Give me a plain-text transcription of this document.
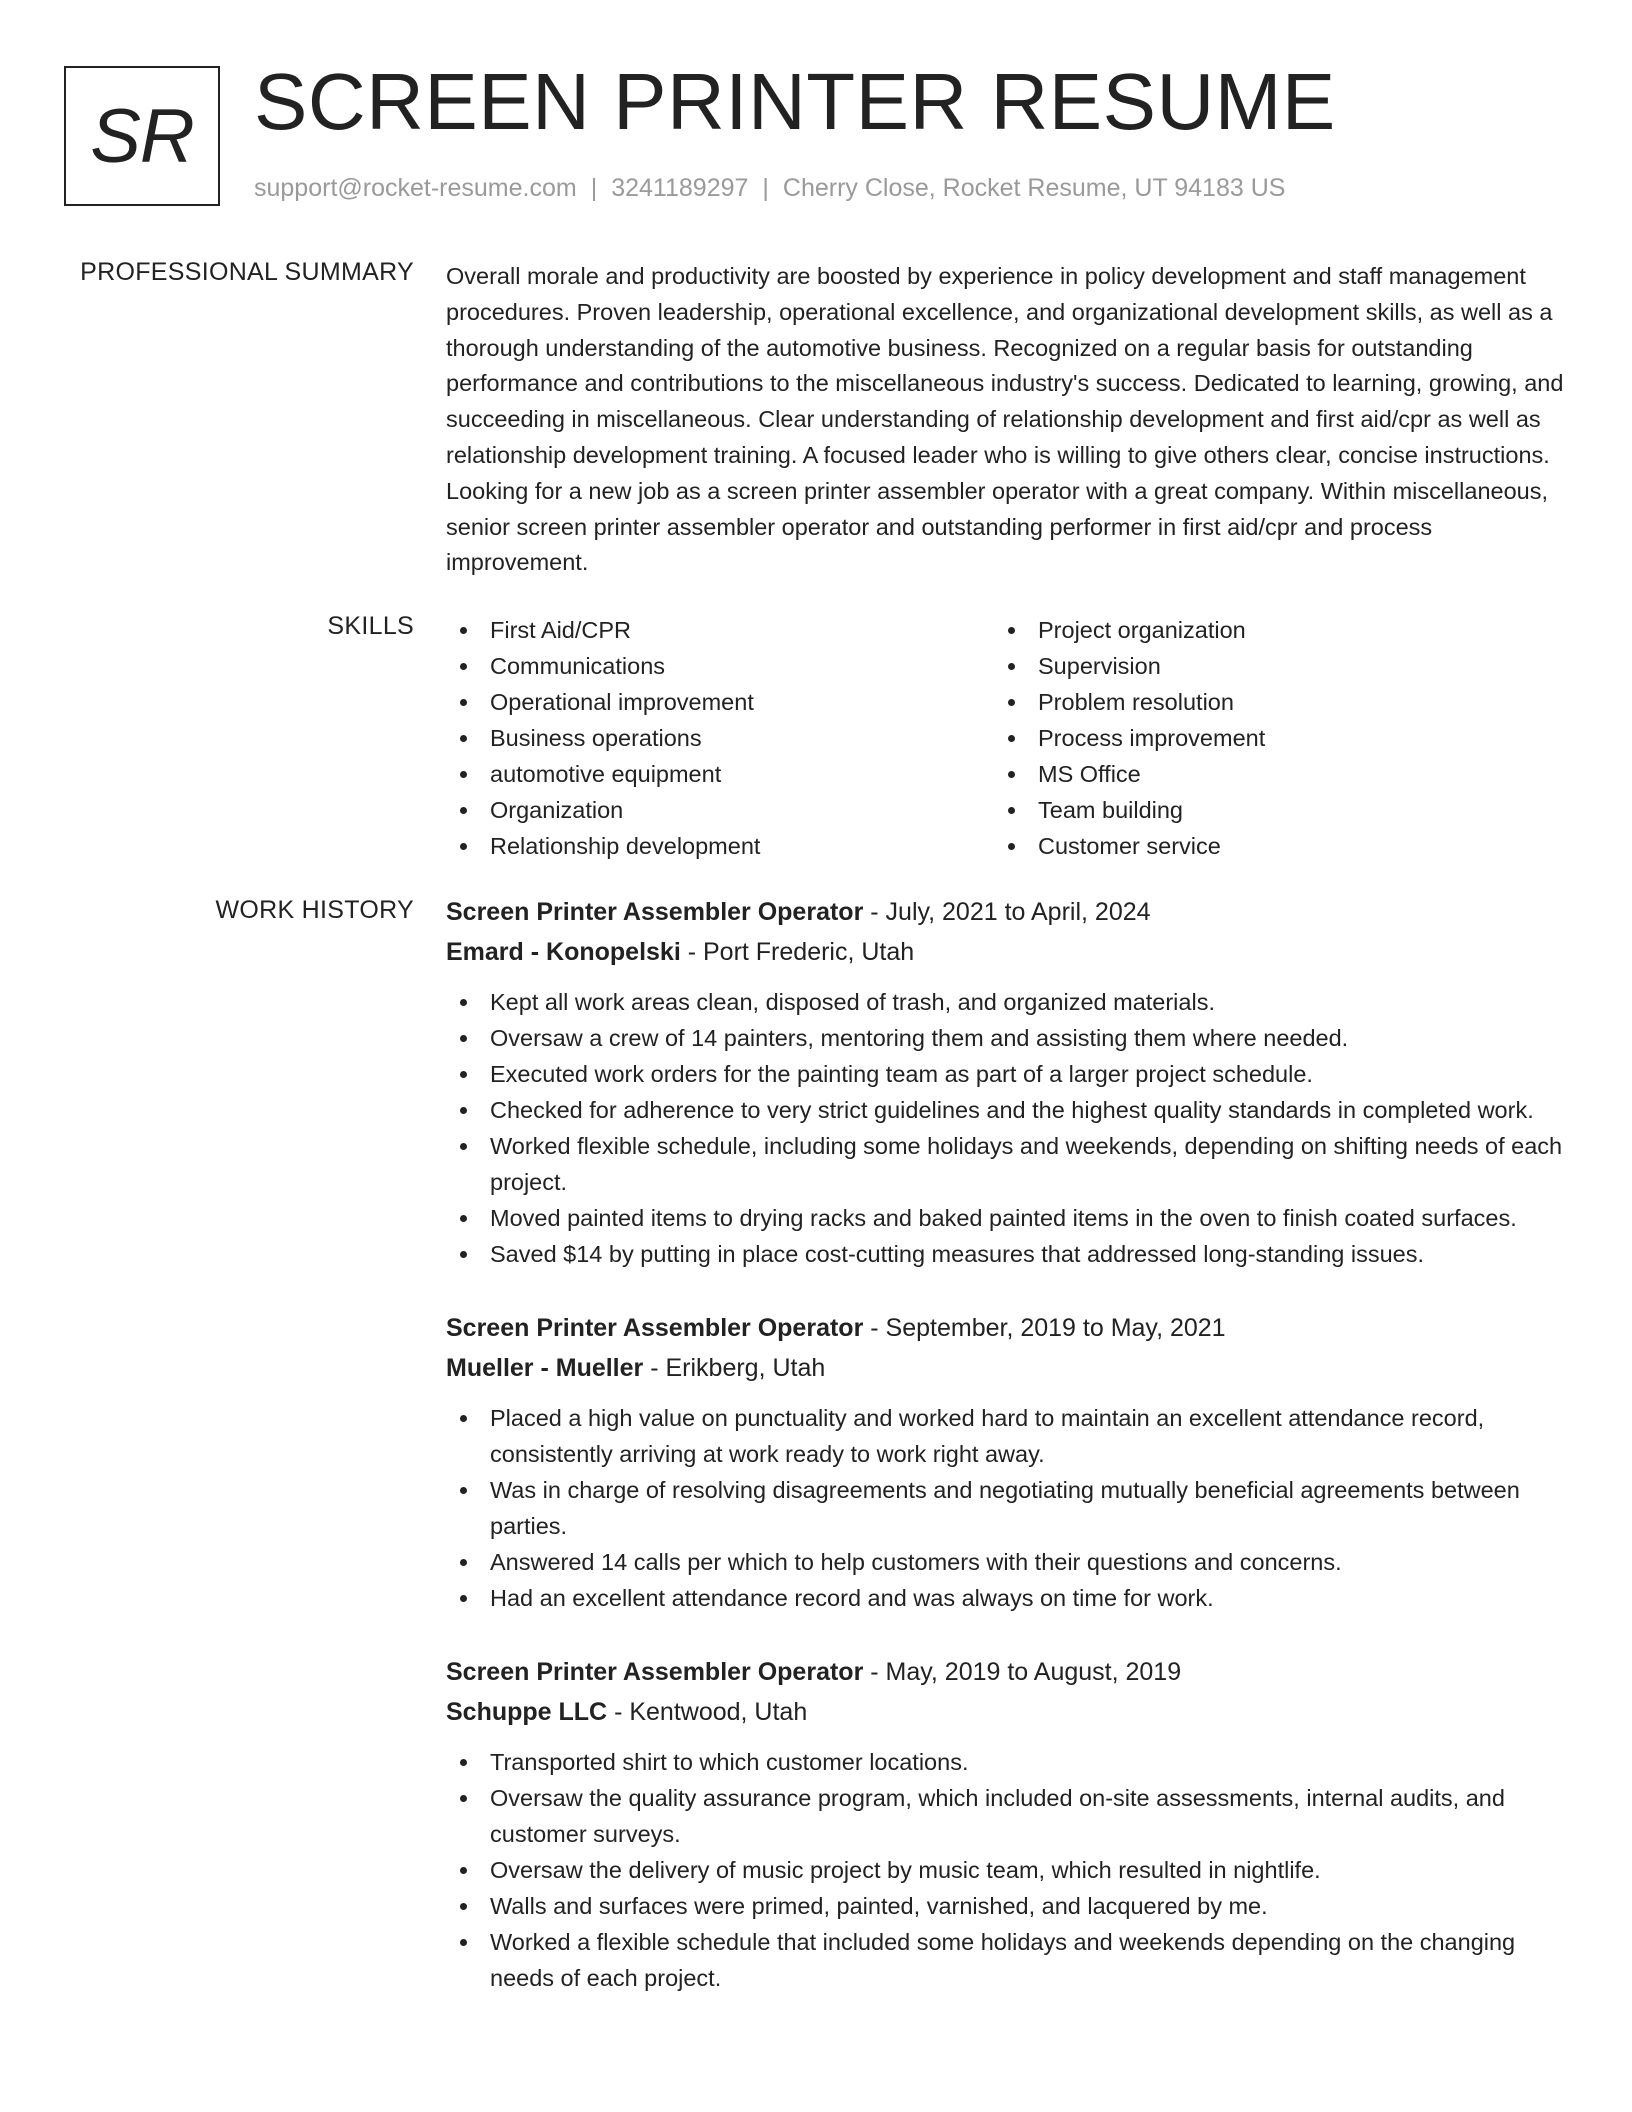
SR SCREEN PRINTER RESUME
support@rocket-resume.com | 3241189297 | Cherry Close, Rocket Resume, UT 94183 US
PROFESSIONAL SUMMARY Overall morale and productivity are boosted by experience in policy development and staff management procedures. Proven leadership, operational excellence, and organizational development skills, as well as a thorough understanding of the automotive business. Recognized on a regular basis for outstanding performance and contributions to the miscellaneous industry's success. Dedicated to learning, growing, and succeeding in miscellaneous. Clear understanding of relationship development and first aid/cpr as well as relationship development training. A focused leader who is willing to give others clear, concise instructions. Looking for a new job as a screen printer assembler operator with a great company. Within miscellaneous, senior screen printer assembler operator and outstanding performer in first aid/cpr and process improvement.

SKILLS	First Aid/CPR
Communications
Operational improvement
Business operations
automotive equipment
Organization
Relationship development
Project organization
Supervision
Problem resolution
Process improvement
MS Office
Team building
Customer service
WORK HISTORY Screen Printer Assembler Operator - July, 2021 to April, 2024
Emard - Konopelski - Port Frederic, Utah
Kept all work areas clean, disposed of trash, and organized materials.
Oversaw a crew of 14 painters, mentoring them and assisting them where needed.
Executed work orders for the painting team as part of a larger project schedule.
Checked for adherence to very strict guidelines and the highest quality standards in completed work.
Worked flexible schedule, including some holidays and weekends, depending on shifting needs of each project.
Moved painted items to drying racks and baked painted items in the oven to finish coated surfaces.
Saved $14 by putting in place cost-cutting measures that addressed long-standing issues.
Screen Printer Assembler Operator - September, 2019 to May, 2021
Mueller - Mueller - Erikberg, Utah
Placed a high value on punctuality and worked hard to maintain an excellent attendance record, consistently arriving at work ready to work right away.
Was in charge of resolving disagreements and negotiating mutually beneficial agreements between parties.
Answered 14 calls per which to help customers with their questions and concerns.
Had an excellent attendance record and was always on time for work.
Screen Printer Assembler Operator - May, 2019 to August, 2019
Schuppe LLC - Kentwood, Utah
Transported shirt to which customer locations.
Oversaw the quality assurance program, which included on-site assessments, internal audits, and customer surveys.
Oversaw the delivery of music project by music team, which resulted in nightlife.
Walls and surfaces were primed, painted, varnished, and lacquered by me.
Worked a flexible schedule that included some holidays and weekends depending on the changing needs of each project.
